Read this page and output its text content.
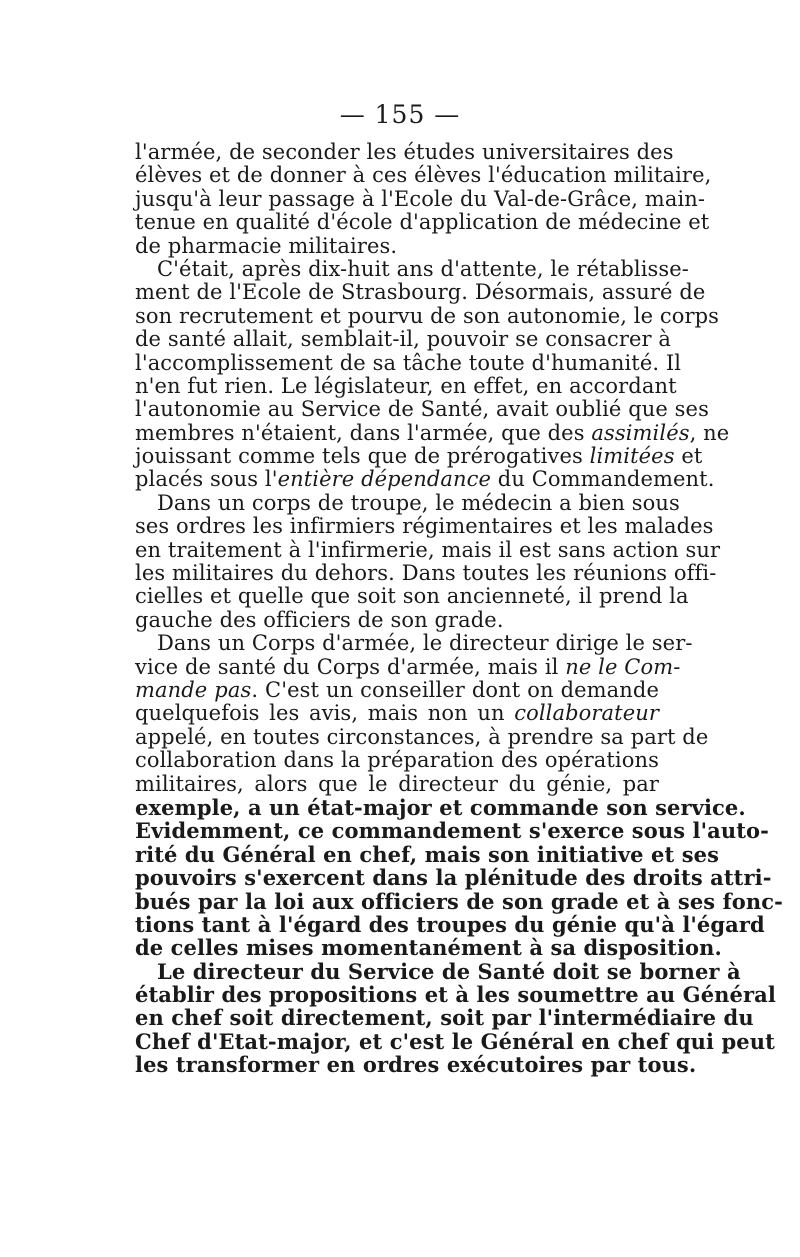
— 155 —
l'armée, de seconder les études universitaires des
élèves et de donner à ces élèves l'éducation militaire,
jusqu'à leur passage à l'Ecole du Val-de-Grâce, main-
tenue en qualité d'école d'application de médecine et
de pharmacie militaires.
C'était, après dix-huit ans d'attente, le rétablisse-
ment de l'Ecole de Strasbourg. Désormais, assuré de
son recrutement et pourvu de son autonomie, le corps
de santé allait, semblait-il, pouvoir se consacrer à
l'accomplissement de sa tâche toute d'humanité. Il
n'en fut rien. Le législateur, en effet, en accordant
l'autonomie au Service de Santé, avait oublié que ses
membres n'étaient, dans l'armée, que des assimilés, ne
jouissant comme tels que de prérogatives limitées et
placés sous l'entière dépendance du Commandement.
Dans un corps de troupe, le médecin a bien sous
ses ordres les infirmiers régimentaires et les malades
en traitement à l'infirmerie, mais il est sans action sur
les militaires du dehors. Dans toutes les réunions offi-
cielles et quelle que soit son ancienneté, il prend la
gauche des officiers de son grade.
Dans un Corps d'armée, le directeur dirige le ser-
vice de santé du Corps d'armée, mais il ne le Com-
mande pas. C'est un conseiller dont on demande
quelquefois les avis, mais non un collaborateur
appelé, en toutes circonstances, à prendre sa part de
collaboration dans la préparation des opérations
militaires, alors que le directeur du génie, par
exemple, a un état-major et commande son service.
Evidemment, ce commandement s'exerce sous l'auto-
rité du Général en chef, mais son initiative et ses
pouvoirs s'exercent dans la plénitude des droits attri-
bués par la loi aux officiers de son grade et à ses fonc-
tions tant à l'égard des troupes du génie qu'à l'égard
de celles mises momentanément à sa disposition.
Le directeur du Service de Santé doit se borner à
établir des propositions et à les soumettre au Général
en chef soit directement, soit par l'intermédiaire du
Chef d'Etat-major, et c'est le Général en chef qui peut
les transformer en ordres exécutoires par tous.
